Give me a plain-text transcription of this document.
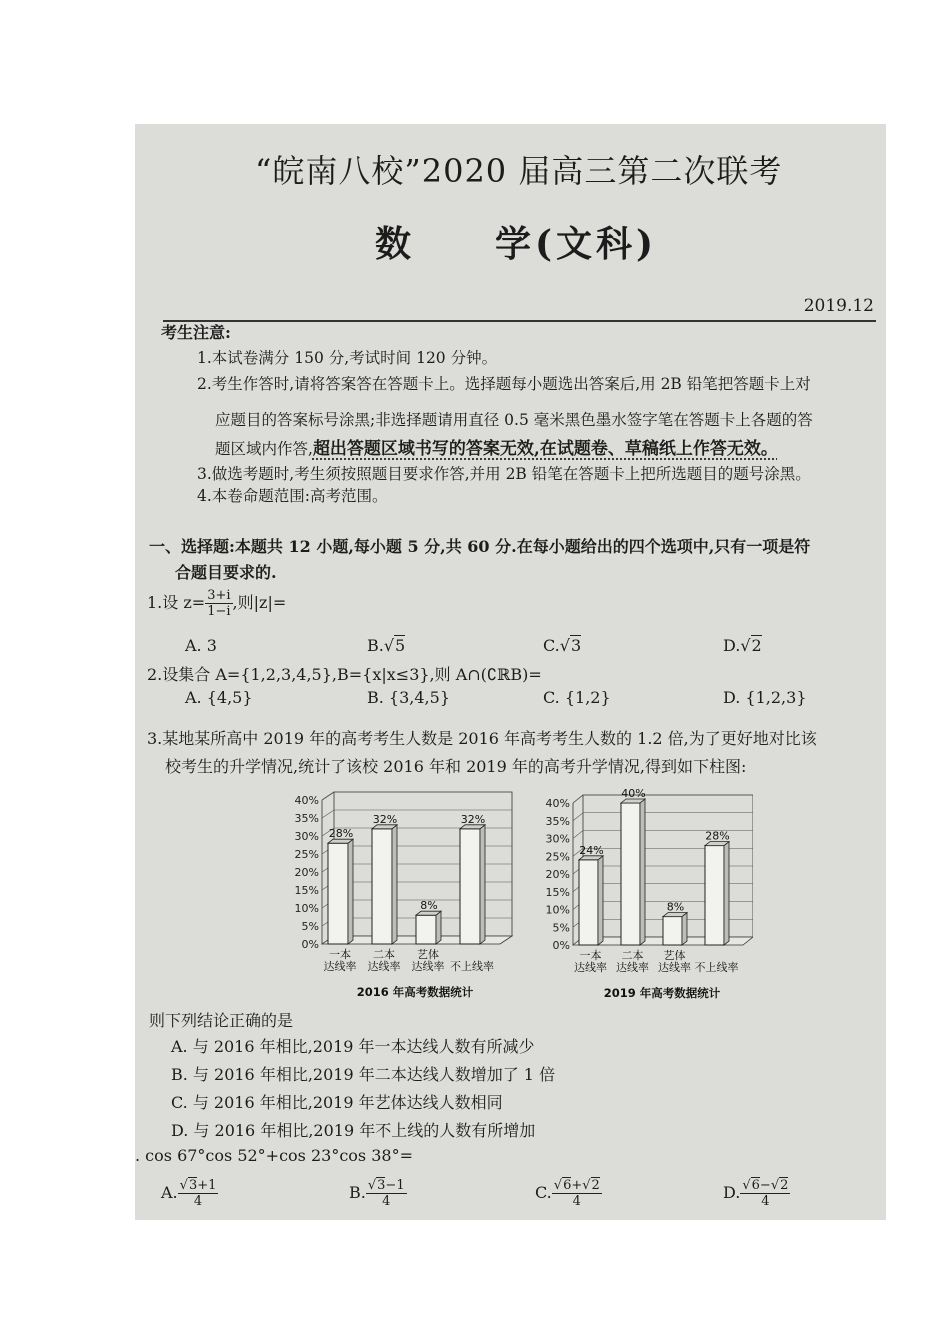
“皖南八校”2020 届高三第二次联考
数　　学(文科)
2019.12
考生注意:
1.本试卷满分 150 分,考试时间 120 分钟。
2.考生作答时,请将答案答在答题卡上。选择题每小题选出答案后,用 2B 铅笔把答题卡上对
应题目的答案标号涂黑;非选择题请用直径 0.5 毫米黑色墨水签字笔在答题卡上各题的答
题区域内作答,超出答题区域书写的答案无效,在试题卷、草稿纸上作答无效。
3.做选考题时,考生须按照题目要求作答,并用 2B 铅笔在答题卡上把所选题目的题号涂黑。
4.本卷命题范围:高考范围。
一、选择题:本题共 12 小题,每小题 5 分,共 60 分.在每小题给出的四个选项中,只有一项是符
合题目要求的.
1.设 $z= \frac{3+i}{1-i}$ ,则|z|=
A. 3	B.√5	C.√3	D.√2
2.设集合 A={1,2,3,4,5},B={x|x≤3},则 A∩(∁ℝB)=
A. {4,5}	B. {3,4,5}	C. {1,2}	D. {1,2,3}
3.某地某所高中 2019 年的高考考生人数是 2016 年高考考生人数的 1.2 倍,为了更好地对比该
校考生的升学情况,统计了该校 2016 年和 2019 年的高考升学情况,得到如下柱图:
0%
5%
10%
15%
20%
25%
30%
35%
40%
28%
一本
达线率
32%
二本
达线率
8%
艺体
达线率
32%
不上线率
2016 年高考数据统计
0%
5%
10%
15%
20%
25%
30%
35%
40%
24%
一本
达线率
40%
二本
达线率
8%
艺体
达线率
28%
不上线率
2019 年高考数据统计
则下列结论正确的是
A. 与 2016 年相比,2019 年一本达线人数有所减少
B. 与 2016 年相比,2019 年二本达线人数增加了 1 倍
C. 与 2016 年相比,2019 年艺体达线人数相同
D. 与 2016 年相比,2019 年不上线的人数有所增加
. cos 67°cos 52°+cos 23°cos 38°=
A. $\frac{√3+1}{4}$	B. $\frac{√3-1}{4}$	C. $\frac{√6+√2}{4}$	D. $\frac{√6-√2}{4}$
